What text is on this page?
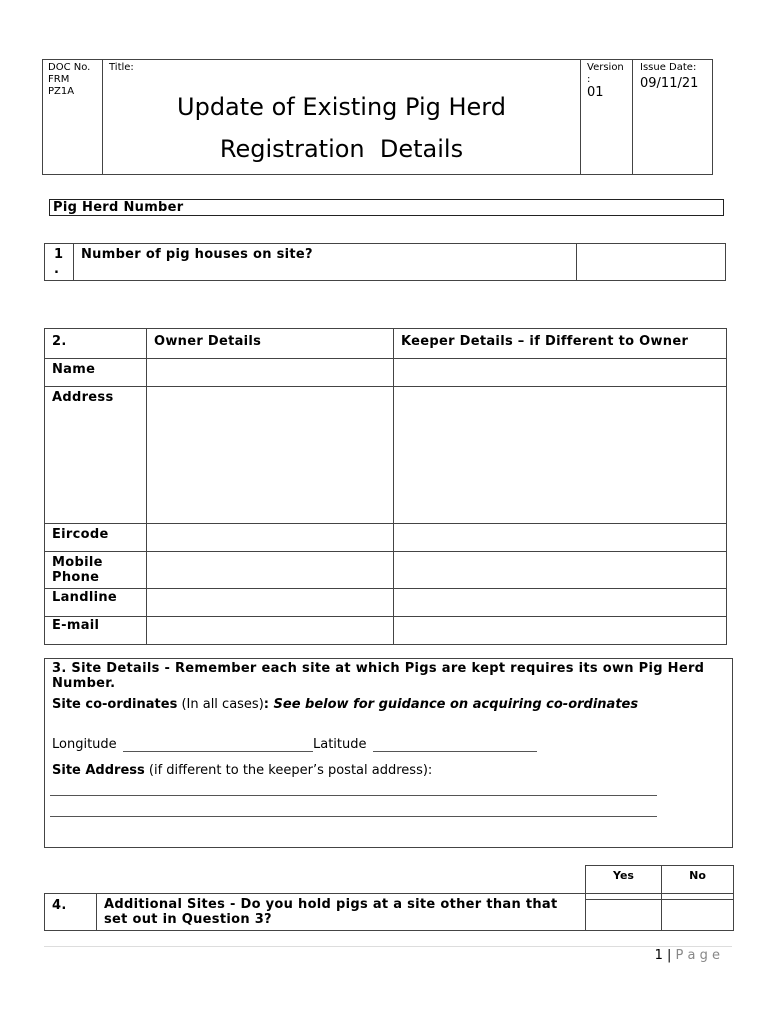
DOC No.
FRM
PZ1A
Title:
Update of Existing Pig Herd
Registration  Details
Version
:
01
Issue Date:
09/11/21
Pig Herd Number
1
.
	Number of pig houses on site?	
2.	Owner Details	Keeper Details – if Different to Owner
Name		
Address		
Eircode		
Mobile Phone		
Landline		
E-mail		
3. Site Details - Remember each site at which Pigs are kept requires its own Pig Herd Number.
Site co-ordinates (In all cases): See below for guidance on acquiring co-ordinates
Longitude	Latitude
Site Address (if different to the keeper’s postal address):
Yes	No
4.	Additional Sites - Do you hold pigs at a site other than that set out in Question 3?		
1 | P a g e
